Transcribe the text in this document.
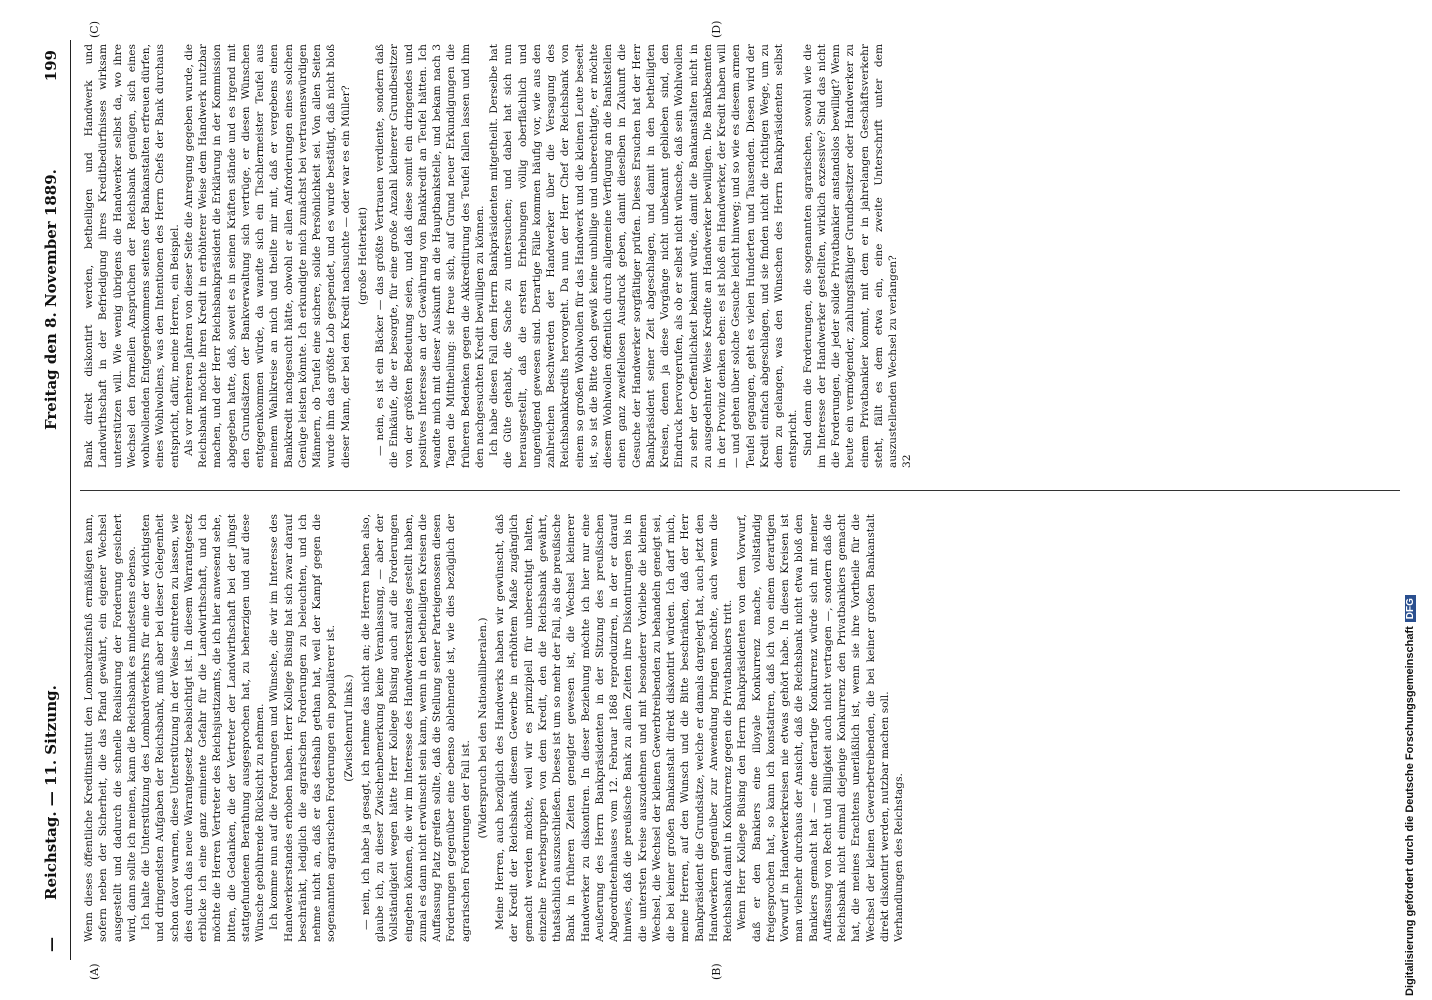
—
Reichstag. — 11. Sitzung.
Freitag den 8. November 1889.
199
(A)	(B)
(C)	(D)

Wenn dieses öffentliche Kreditinstitut den Lombardzinsfuß ermäßigen kann, sofern neben der Sicherheit, die das Pfand gewährt, ein eigener Wechsel ausgestellt und dadurch die schnelle Realisirung der Forderung gesichert wird, dann sollte ich meinen, kann die Reichsbank es mindestens ebenso. Ich halte die Unterstützung des Lombardverkehrs für eine der wichtigsten und dringendsten Aufgaben der Reichsbank, muß aber bei dieser Gelegenheit schon davor warnen, diese Unterstützung in der Weise eintreten zu lassen, wie dies durch das neue Warrantgesetz beabsichtigt ist. In diesem Warrantgesetz erblicke ich eine ganz eminente Gefahr für die Landwirthschaft, und ich möchte die Herren Vertreter des Reichsjustizamts, die ich hier anwesend sehe, bitten, die Gedanken, die der Vertreter der Landwirthschaft bei der jüngst stattgefundenen Berathung ausgesprochen hat, zu beherzigen und auf diese Wünsche gebührende Rücksicht zu nehmen. Ich komme nun auf die Forderungen und Wünsche, die wir im Interesse des Handwerkerstandes erhoben haben. Herr Kollege Büsing hat sich zwar darauf beschränkt, lediglich die agrarischen Forderungen zu beleuchten, und ich nehme nicht an, daß er das deshalb gethan hat, weil der Kampf gegen die sogenannten agrarischen Forderungen ein populärerer ist. (Zwischenruf links.) — nein, ich habe ja gesagt, ich nehme das nicht an; die Herren haben also, glaube ich, zu dieser Zwischenbemerkung keine Veranlassung, — aber der Vollständigkeit wegen hätte Herr Kollege Büsing auch auf die Forderungen eingehen können, die wir im Interesse des Handwerkerstandes gestellt haben, zumal es dann nicht erwünscht sein kann, wenn in den betheiligten Kreisen die Auffassung Platz greifen sollte, daß die Stellung seiner Parteigenossen diesen Forderungen gegenüber eine ebenso ablehnende ist, wie dies bezüglich der agrarischen Forderungen der Fall ist.

(Widerspruch bei den Nationalliberalen.) Meine Herren, auch bezüglich des Handwerks haben wir gewünscht, daß der Kredit der Reichsbank diesem Gewerbe in erhöhtem Maße zugänglich gemacht werden möchte, weil wir es prinzipiell für unberechtigt halten, einzelne Erwerbsgruppen von dem Kredit, den die Reichsbank gewährt, thatsächlich auszuschließen. Dieses ist um so mehr der Fall, als die preußische Bank in früheren Zeiten geneigter gewesen ist, die Wechsel kleinerer Handwerker zu diskontiren. In dieser Beziehung möchte ich hier nur eine Aeußerung des Herrn Bankpräsidenten in der Sitzung des preußischen Abgeordnetenhauses vom 12. Februar 1868 reproduziren, in der er darauf hinwies, daß die preußische Bank zu allen Zeiten ihre Diskontirungen bis in die untersten Kreise auszudehnen und mit besonderer Vorliebe die kleinen Wechsel, die Wechsel der kleinen Gewerbtreibenden zu behandeln geneigt sei, die bei keiner großen Bankanstalt direkt diskontirt würden. Ich darf mich, meine Herren, auf den Wunsch und die Bitte beschränken, daß der Herr Bankpräsident die Grundsätze, welche er damals dargelegt hat, auch jetzt den Handwerkern gegenüber zur Anwendung bringen möchte, auch wenn die Reichsbank damit in Konkurrenz gegen die Privatbankiers tritt. Wenn Herr Kollege Büsing den Herrn Bankpräsidenten von dem Vorwurf, daß er den Bankiers eine illoyale Konkurrenz mache, vollständig freigesprochen hat, so kann ich konstatiren, daß ich von einem derartigen Vorwurf in Handwerkerkreisen nie etwas gehört habe. In diesen Kreisen ist man vielmehr durchaus der Ansicht, daß die Reichsbank nicht etwa bloß den Bankiers gemacht hat — eine derartige Konkurrenz würde sich mit meiner Auffassung von Recht und Billigkeit auch nicht vertragen —, sondern daß die Reichsbank nicht einmal diejenige Konkurrenz den Privatbankiers gemacht hat, die meines Erachtens unerläßlich ist, wenn sie ihre Vortheile für die Wechsel der kleinen Gewerbetreibenden, die bei keiner großen Bankanstalt direkt diskontirt werden, nutzbar machen soll. Verhandlungen des Reichstags.

Bank direkt diskontirt werden, betheiligen und Handwerk und Landwirthschaft in der Befriedigung ihres Kreditbedürfnisses wirksam unterstützen will. Wie wenig übrigens die Handwerker selbst da, wo ihre Wechsel den formellen Ansprüchen der Reichsbank genügen, sich eines wohlwollenden Entgegenkommens seitens der Bankanstalten erfreuen dürfen, eines Wohlwollens, was den Intentionen des Herrn Chefs der Bank durchaus entspricht, dafür, meine Herren, ein Beispiel. Als vor mehreren Jahren von dieser Seite die Anregung gegeben wurde, die Reichsbank möchte ihren Kredit in erhöhterer Weise dem Handwerk nutzbar machen, und der Herr Reichsbankpräsident die Erklärung in der Kommission abgegeben hatte, daß, soweit es in seinen Kräften stände und es irgend mit den Grundsätzen der Bankverwaltung sich vertrüge, er diesen Wünschen entgegenkommen würde, da wandte sich ein Tischlermeister Teufel aus meinem Wahlkreise an mich und theilte mir mit, daß er vergebens einen Bankkredit nachgesucht hätte, obwohl er allen Anforderungen eines solchen Genüge leisten könnte. Ich erkundigte mich zunächst bei vertrauenswürdigen Männern, ob Teufel eine sichere, solide Persönlichkeit sei. Von allen Seiten wurde ihm das größte Lob gespendet, und es wurde bestätigt, daß nicht bloß dieser Mann, der bei den Kredit nachsuchte — oder war es ein Müller? (große Heiterkeit) — nein, es ist ein Bäcker — das größte Vertrauen verdiente, sondern daß die Einkäufe, die er besorgte, für eine große Anzahl kleinerer Grundbesitzer von der größten Bedeutung seien, und daß diese somit ein dringendes und positives Interesse an der Gewährung von Bankkredit an Teufel hätten. Ich wandte mich mit dieser Auskunft an die Hauptbankstelle, und bekam nach 3 Tagen die Mittheilung: sie freue sich, auf Grund neuer Erkundigungen die früheren Bedenken gegen die Akkreditirung des Teufel fallen lassen und ihm den nachgesuchten Kredit bewilligen zu können. Ich habe diesen Fall dem Herrn Bankpräsidenten mitgetheilt. Derselbe hat die Güte gehabt, die Sache zu untersuchen; und dabei hat sich nun herausgestellt, daß die ersten Erhebungen völlig oberflächlich und ungenügend gewesen sind. Derartige Fälle kommen häufig vor, wie aus den zahlreichen Beschwerden der Handwerker über die Versagung des Reichsbankkredits hervorgeht. Da nun der Herr Chef der Reichsbank von einem so großen Wohlwollen für das Handwerk und die kleinen Leute beseelt ist, so ist die Bitte doch gewiß keine unbillige und unberechtigte, er möchte diesem Wohlwollen öffentlich durch allgemeine Verfügung an die Bankstellen einen ganz zweifellosen Ausdruck geben, damit dieselben in Zukunft die Gesuche der Handwerker sorgfältiger prüfen. Dieses Ersuchen hat der Herr Bankpräsident seiner Zeit abgeschlagen, und damit in den betheiligten Kreisen, denen ja diese Vorgänge nicht unbekannt geblieben sind, den Eindruck hervorgerufen, als ob er selbst nicht wünsche, daß sein Wohlwollen zu sehr der Oeffentlichkeit bekannt würde, damit die Bankanstalten nicht in zu ausgedehnter Weise Kredite an Handwerker bewilligen. Die Bankbeamten in der Provinz denken eben: es ist bloß ein Handwerker, der Kredit haben will — und gehen über solche Gesuche leicht hinweg; und so wie es diesem armen Teufel gegangen, geht es vielen Hunderten und Tausenden. Diesen wird der Kredit einfach abgeschlagen, und sie finden nicht die richtigen Wege, um zu dem zu gelangen, was den Wünschen des Herrn Bankpräsidenten selbst entspricht. Sind denn die Forderungen, die sogenannten agrarischen, sowohl wie die im Interesse der Handwerker gestellten, wirklich exzessive? Sind das nicht die Forderungen, die jeder solide Privatbankier anstandslos bewilligt? Wenn heute ein vermögender, zahlungsfähiger Grundbesitzer oder Handwerker zu einem Privatbankier kommt, mit dem er in jahrelangen Geschäftsverkehr steht, fällt es dem etwa ein, eine zweite Unterschrift unter dem auszustellenden Wechsel zu verlangen? 32

Digitalisierung gefördert durch die Deutsche ForschungsgemeinschaftDFG
